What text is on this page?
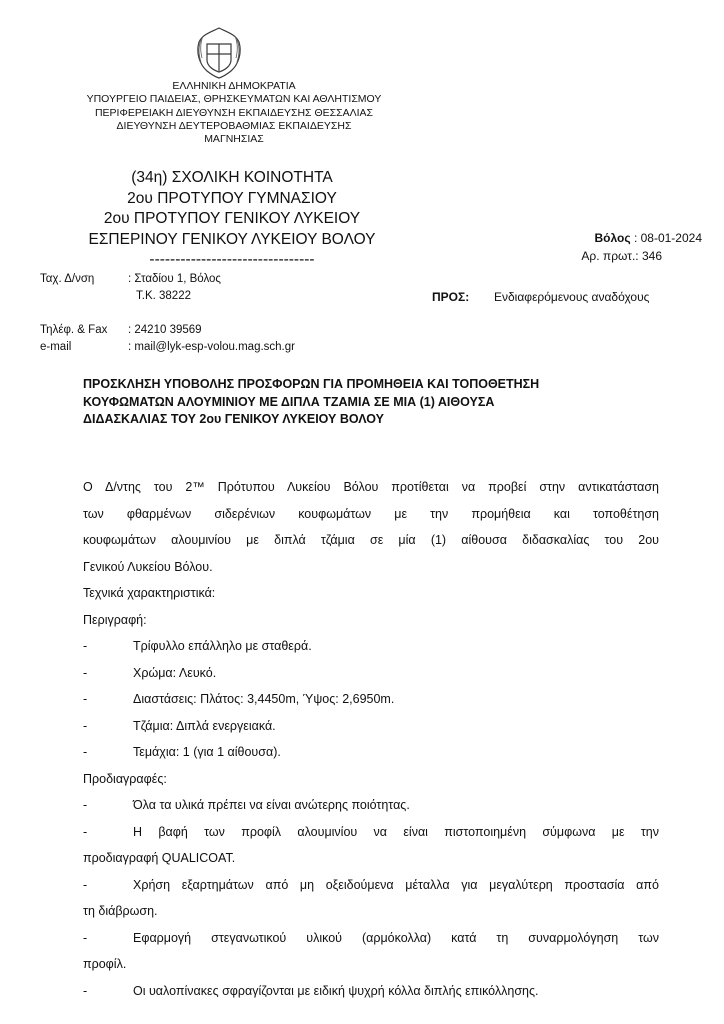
ΕΛΛΗΝΙΚΗ ΔΗΜΟΚΡΑΤΙΑ
ΥΠΟΥΡΓΕΙΟ ΠΑΙΔΕΙΑΣ, ΘΡΗΣΚΕΥΜΑΤΩΝ ΚΑΙ ΑΘΛΗΤΙΣΜΟΥ
ΠΕΡΙΦΕΡΕΙΑΚΗ ΔΙΕΥΘΥΝΣΗ ΕΚΠΑΙΔΕΥΣΗΣ ΘΕΣΣΑΛΙΑΣ
ΔΙΕΥΘΥΝΣΗ ΔΕΥΤΕΡΟΒΑΘΜΙΑΣ ΕΚΠΑΙΔΕΥΣΗΣ
ΜΑΓΝΗΣΙΑΣ
(34η) ΣΧΟΛΙΚΗ ΚΟΙΝΟΤΗΤΑ
2ου ΠΡΟΤΥΠΟΥ ΓΥΜΝΑΣΙΟΥ
2ου ΠΡΟΤΥΠΟΥ ΓΕΝΙΚΟΥ ΛΥΚΕΙΟΥ
ΕΣΠΕΡΙΝΟΥ ΓΕΝΙΚΟΥ ΛΥΚΕΙΟΥ ΒΟΛΟΥ
--------------------------------
Βόλος : 08-01-2024
Αρ. πρωτ.: 346
Ταχ. Δ/νση	: Σταδίου 1, Βόλος
Τ.Κ. 38222
Τηλέφ. & Fax : 24210 39569
e-mail	: mail@lyk-esp-volou.mag.sch.gr
ΠΡΟΣ: Ενδιαφερόμενους αναδόχους
ΠΡΟΣΚΛΗΣΗ ΥΠΟΒΟΛΗΣ ΠΡΟΣΦΟΡΩΝ ΓΙΑ ΠΡΟΜΗΘΕΙΑ ΚΑΙ ΤΟΠΟΘΕΤΗΣΗ
ΚΟΥΦΩΜΑΤΩΝ ΑΛΟΥΜΙΝΙΟΥ ΜΕ ΔΙΠΛΑ ΤΖΑΜΙΑ ΣΕ ΜΙΑ (1) ΑΙΘΟΥΣΑ
ΔΙΔΑΣΚΑΛΙΑΣ ΤΟΥ 2ου ΓΕΝΙΚΟΥ ΛΥΚΕΙΟΥ ΒΟΛΟΥ
Ο Δ/ντης του 2™ Πρότυπου Λυκείου Βόλου προτίθεται να προβεί στην αντικατάσταση
των φθαρμένων σιδερένιων κουφωμάτων με την προμήθεια και τοποθέτηση
κουφωμάτων αλουμινίου με διπλά τζάμια σε μία (1) αίθουσα διδασκαλίας του 2ου
Γενικού Λυκείου Βόλου.
Τεχνικά χαρακτηριστικά:
Περιγραφή:
-	Τρίφυλλο επάλληλο με σταθερά.
-	Χρώμα: Λευκό.
-	Διαστάσεις: Πλάτος: 3,4450m, Ύψος: 2,6950m.
-	Τζάμια: Διπλά ενεργειακά.
-	Τεμάχια: 1 (για 1 αίθουσα).
Προδιαγραφές:
-	Όλα τα υλικά πρέπει να είναι ανώτερης ποιότητας.
-	Η βαφή των προφίλ αλουμινίου να είναι πιστοποιημένη σύμφωνα με την
προδιαγραφή QUALICOAT.
-	Χρήση εξαρτημάτων από μη οξειδούμενα μέταλλα για μεγαλύτερη προστασία από
τη διάβρωση.
-	Εφαρμογή στεγανωτικού υλικού (αρμόκολλα) κατά τη συναρμολόγηση των
προφίλ.
-	Οι υαλοπίνακες σφραγίζονται με ειδική ψυχρή κόλλα διπλής επικόλλησης.
